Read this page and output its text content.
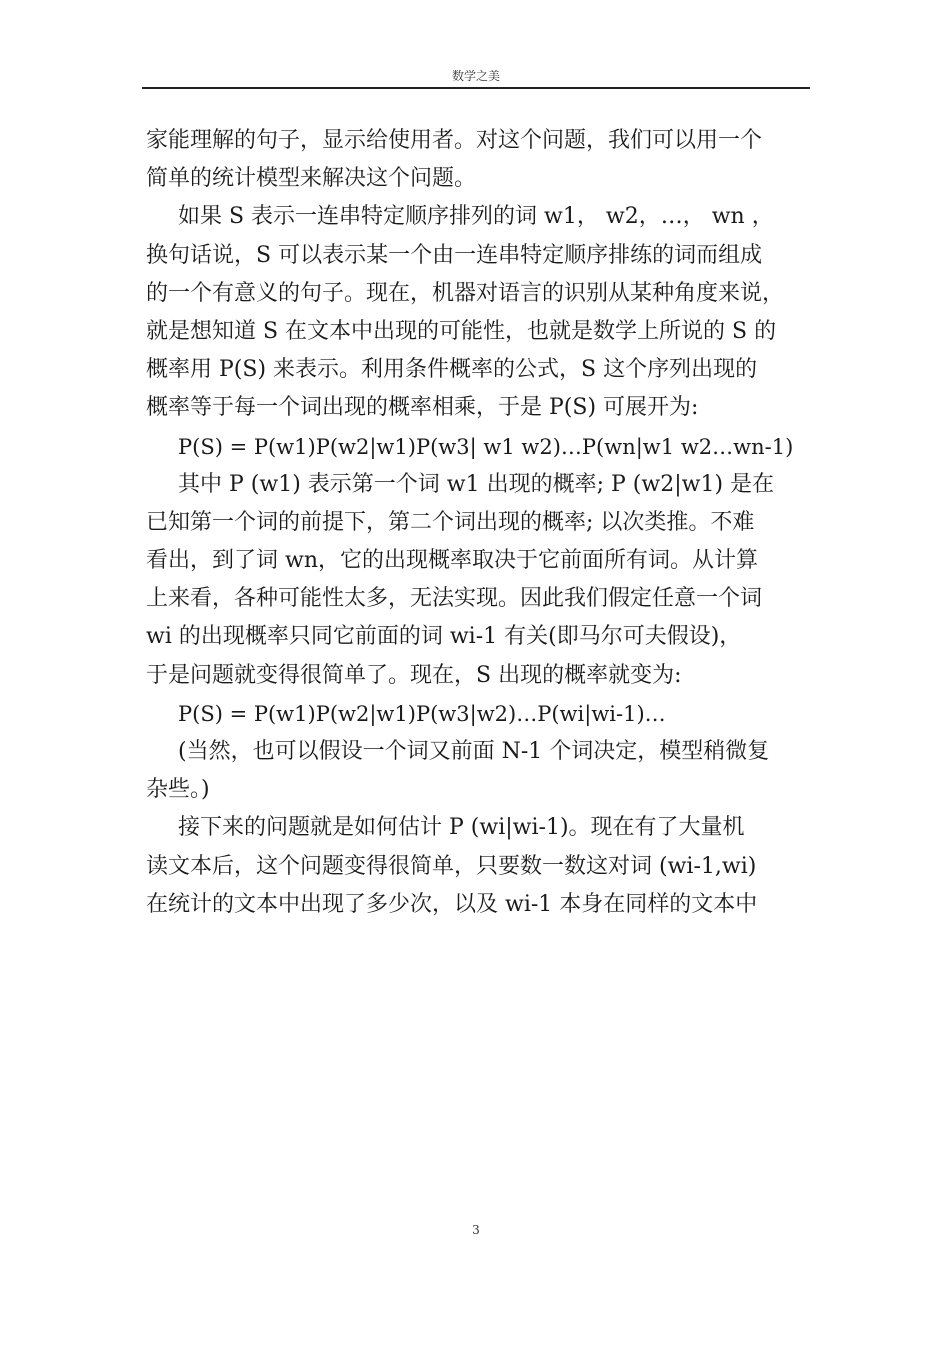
数学之美
家能理解的句子，显示给使用者。对这个问题，我们可以用一个
简单的统计模型来解决这个问题。
如果 S 表示一连串特定顺序排列的词 w1， w2，…， wn ，
换句话说，S 可以表示某一个由一连串特定顺序排练的词而组成
的一个有意义的句子。现在，机器对语言的识别从某种角度来说，
就是想知道 S 在文本中出现的可能性，也就是数学上所说的 S 的
概率用 P(S) 来表示。利用条件概率的公式，S 这个序列出现的
概率等于每一个词出现的概率相乘，于是 P(S) 可展开为:
P(S) = P(w1)P(w2|w1)P(w3| w1 w2)…P(wn|w1 w2…wn-1)
其中 P (w1) 表示第一个词 w1 出现的概率; P (w2|w1) 是在
已知第一个词的前提下，第二个词出现的概率; 以次类推。不难
看出，到了词 wn，它的出现概率取决于它前面所有词。从计算
上来看，各种可能性太多，无法实现。因此我们假定任意一个词
wi 的出现概率只同它前面的词 wi-1 有关(即马尔可夫假设)，
于是问题就变得很简单了。现在，S 出现的概率就变为:
P(S) = P(w1)P(w2|w1)P(w3|w2)…P(wi|wi-1)…
(当然，也可以假设一个词又前面 N-1 个词决定，模型稍微复
杂些。)
接下来的问题就是如何估计 P (wi|wi-1)。现在有了大量机
读文本后，这个问题变得很简单，只要数一数这对词 (wi-1,wi)
在统计的文本中出现了多少次，以及 wi-1 本身在同样的文本中
3
